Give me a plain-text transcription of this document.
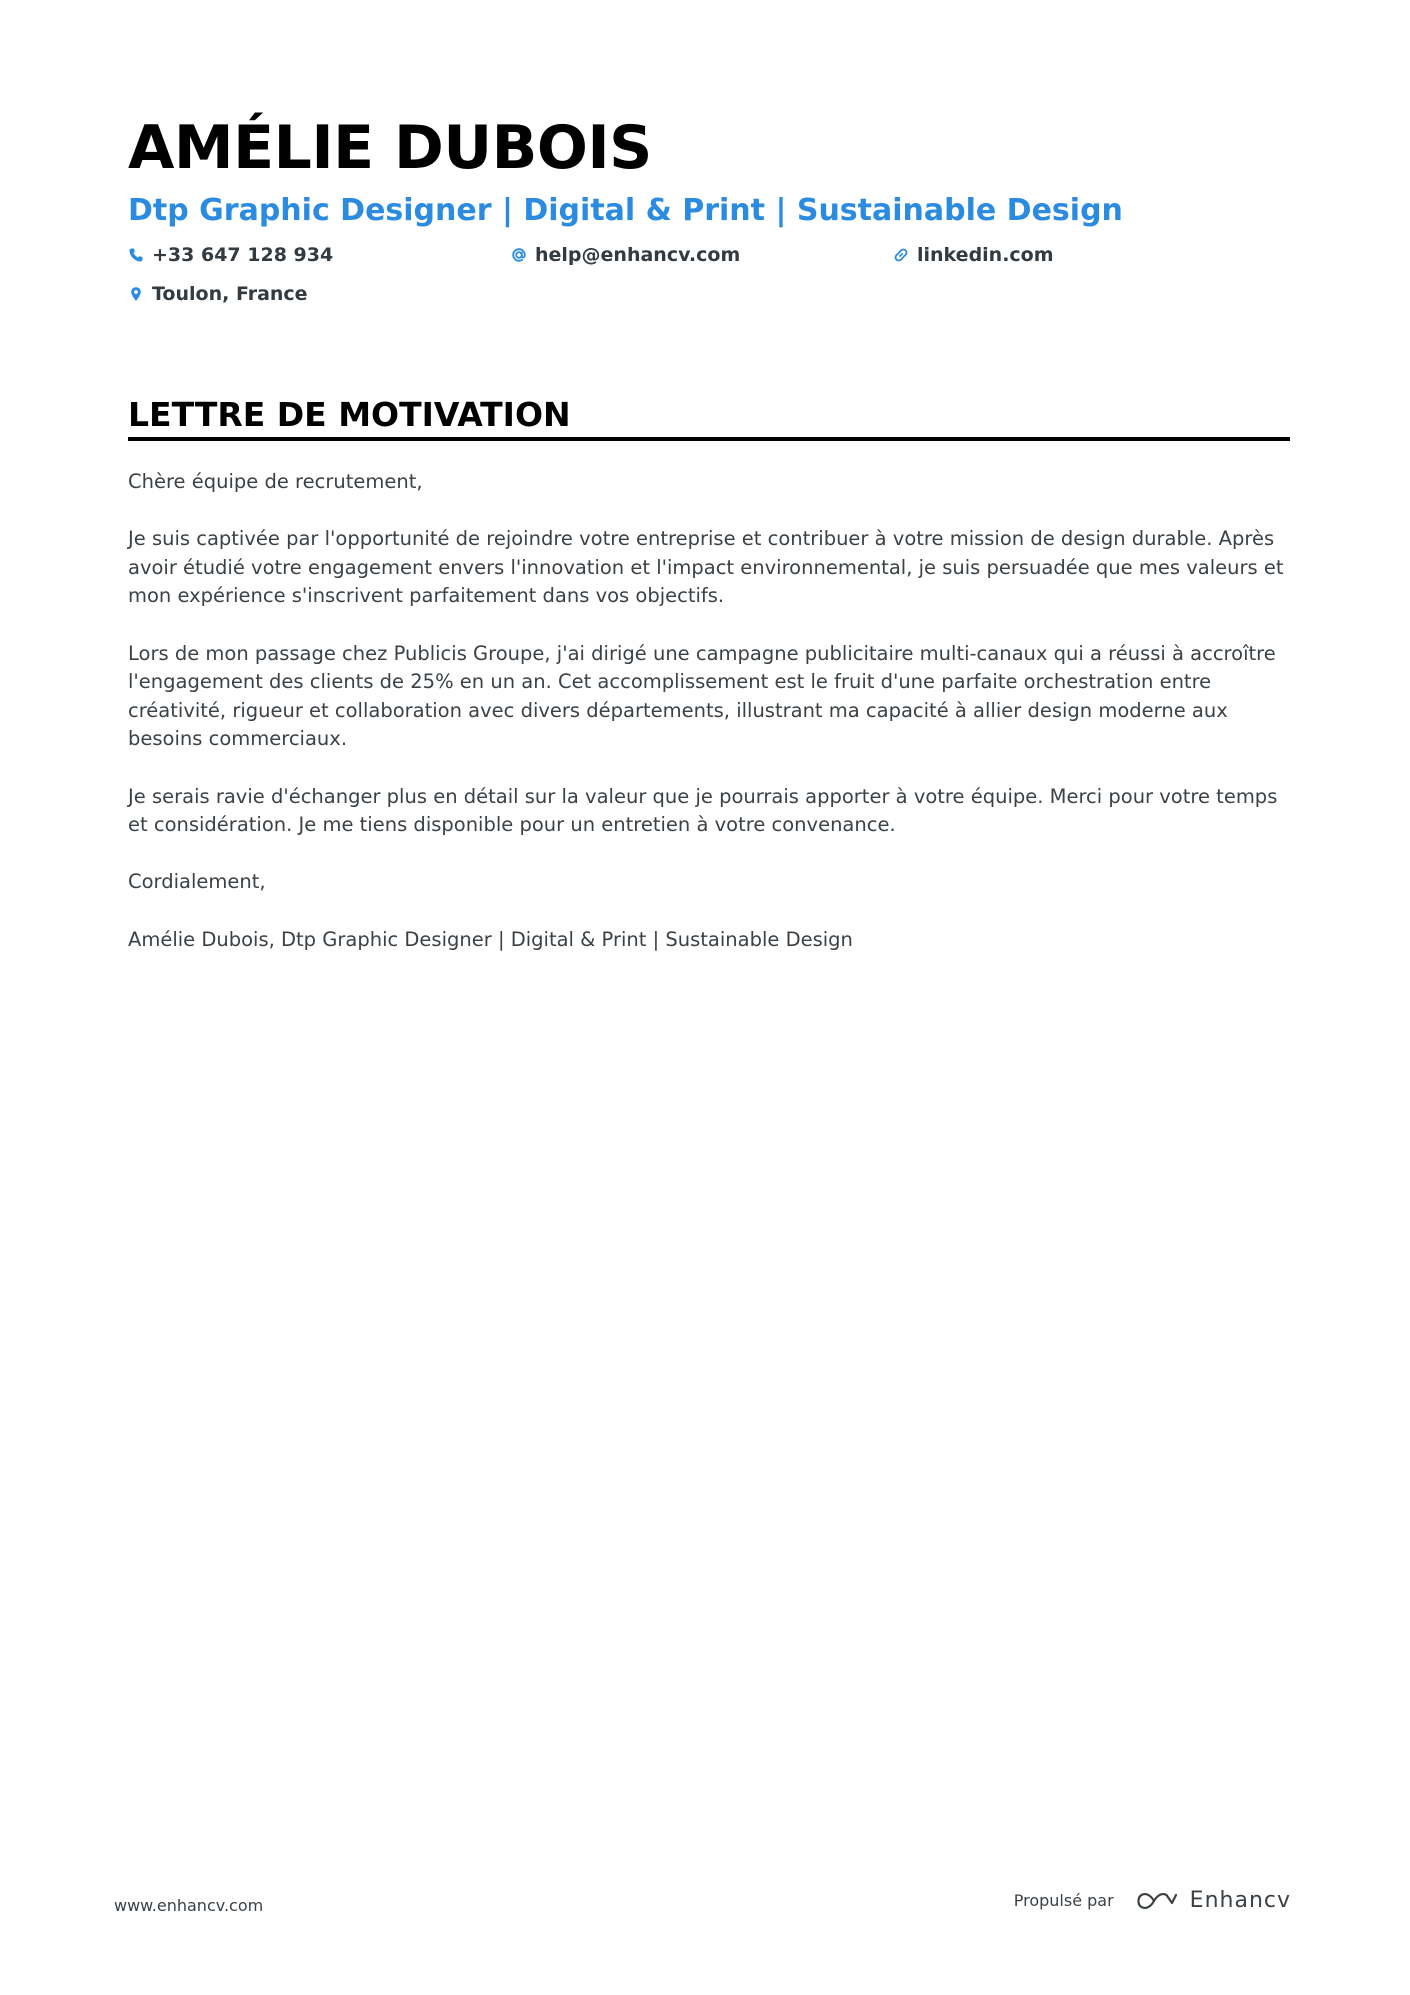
AMÉLIE DUBOIS
Dtp Graphic Designer | Digital & Print | Sustainable Design
+33 647 128 934	help@enhancv.com	linkedin.com
Toulon, France
LETTRE DE MOTIVATION

Chère équipe de recrutement,

Je suis captivée par l'opportunité de rejoindre votre entreprise et contribuer à votre mission de design durable. Après avoir étudié votre engagement envers l'innovation et l'impact environnemental, je suis persuadée que mes valeurs et mon expérience s'inscrivent parfaitement dans vos objectifs.

Lors de mon passage chez Publicis Groupe, j'ai dirigé une campagne publicitaire multi-canaux qui a réussi à accroître l'engagement des clients de 25% en un an. Cet accomplissement est le fruit d'une parfaite orchestration entre créativité, rigueur et collaboration avec divers départements, illustrant ma capacité à allier design moderne aux besoins commerciaux.

Je serais ravie d'échanger plus en détail sur la valeur que je pourrais apporter à votre équipe. Merci pour votre temps et considération. Je me tiens disponible pour un entretien à votre convenance.

Cordialement,

Amélie Dubois, Dtp Graphic Designer | Digital & Print | Sustainable Design

www.enhancv.com	Propulsé par	Enhancv
